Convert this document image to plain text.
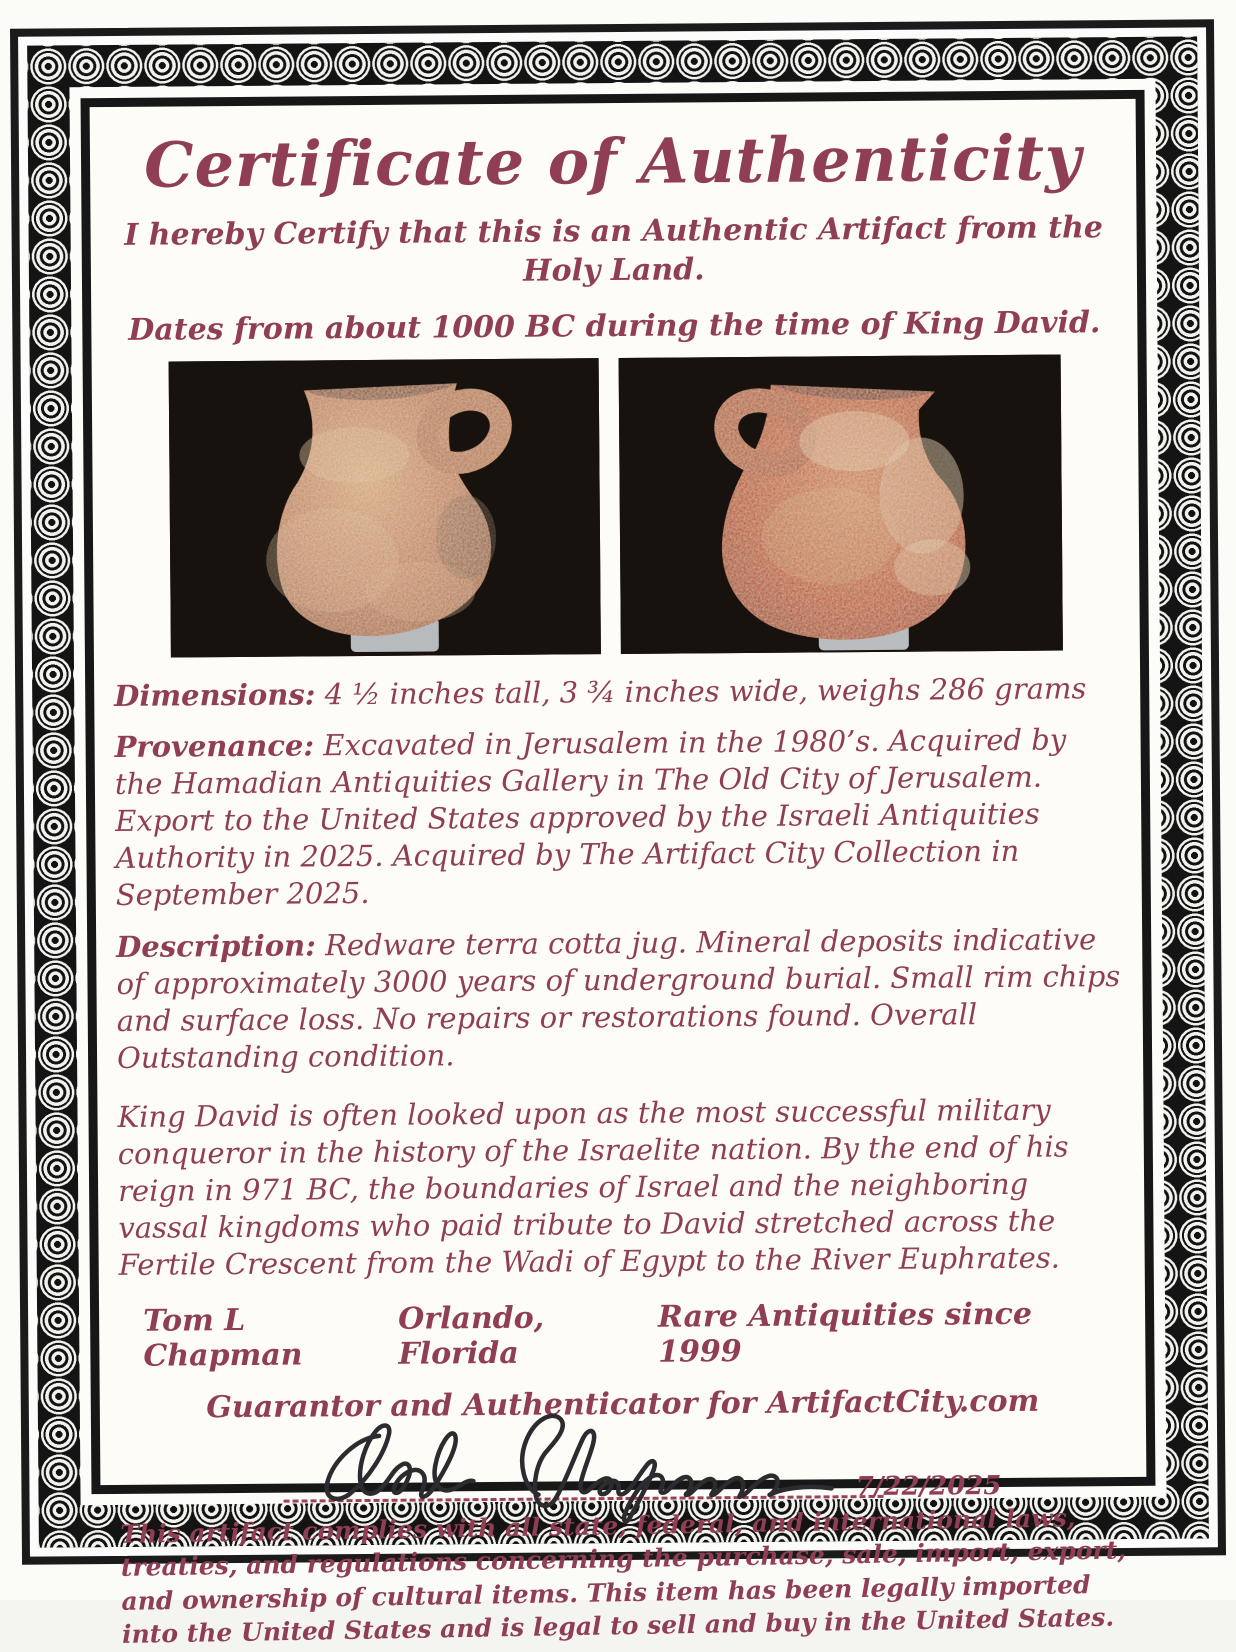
Certificate of Authenticity
I hereby Certify that this is an Authentic Artifact from the Holy Land.
Dates from about 1000 BC during the time of King David.

Dimensions: 4 ½ inches tall, 3 ¾ inches wide, weighs 286 grams

Provenance: Excavated in Jerusalem in the 1980’s. Acquired by the Hamadian Antiquities Gallery in The Old City of Jerusalem. Export to the United States approved by the Israeli Antiquities Authority in 2025. Acquired by The Artifact City Collection in September 2025.

Description: Redware terra cotta jug. Mineral deposits indicative of approximately 3000 years of underground burial. Small rim chips and surface loss. No repairs or restorations found. Overall Outstanding condition.

King David is often looked upon as the most successful military conqueror in the history of the Israelite nation. By the end of his reign in 971 BC, the boundaries of Israel and the neighboring vassal kingdoms who paid tribute to David stretched across the Fertile Crescent from the Wadi of Egypt to the River Euphrates.

Tom L Chapman
Orlando, Florida
Rare Antiquities since 1999
Guarantor and Authenticator for ArtifactCity.com
7/22/2025

This artifact complies with all state, federal, and international laws, treaties, and regulations concerning the purchase, sale, import, export, and ownership of cultural items. This item has been legally imported into the United States and is legal to sell and buy in the United States.
